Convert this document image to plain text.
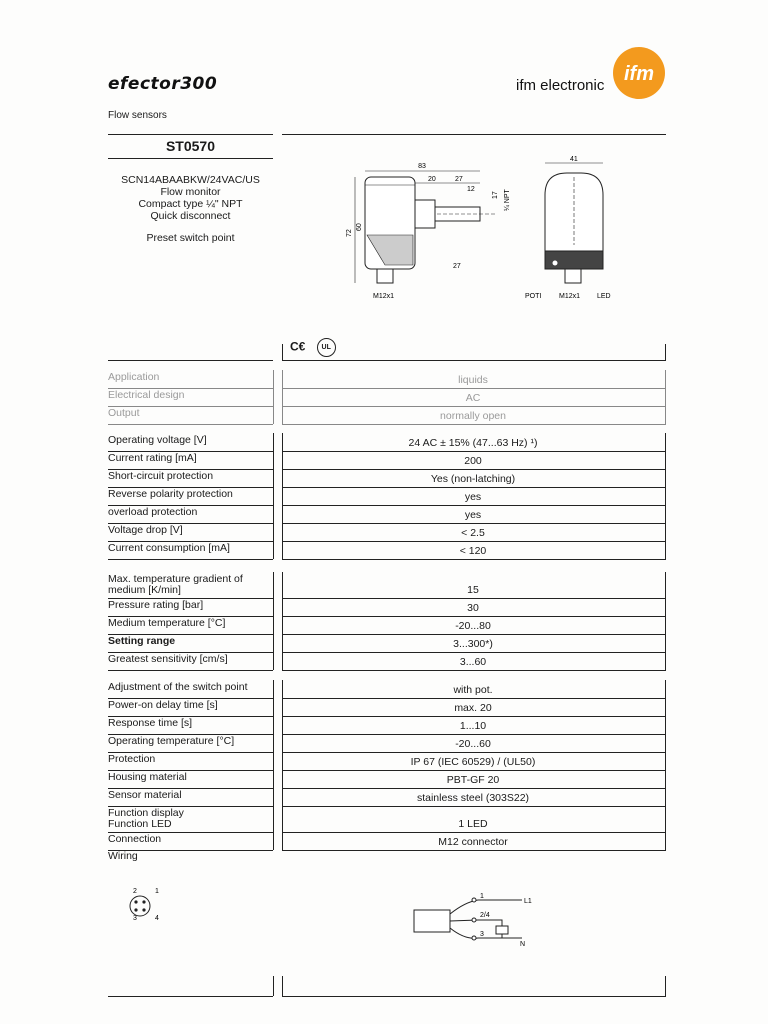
efector300	ifm electronic
ifm
Flow sensors
ST0570
SCN14ABAABKW/24VAC/US
Flow monitor
Compact type ¼" NPT
Quick disconnect
Preset switch point
83
20	27
12
17 ¼ NPT
72
60
27
M12x1
41
POTI	M12x1 LED
C€ UL
Application	liquids
Electrical design	AC
Output	normally open
Operating voltage [V]	24 AC ± 15% (47...63 Hz) ¹)
Current rating [mA]	200
Short-circuit protection	Yes (non-latching)
Reverse polarity protection	yes
overload protection	yes
Voltage drop [V]	< 2.5
Current consumption [mA]	< 120
Max. temperature gradient of
medium [K/min]	15
Pressure rating [bar]	30
Medium temperature [°C]	-20...80
Setting range	3...300*)
Greatest sensitivity [cm/s]	3...60
Adjustment of the switch point	with pot.
Power-on delay time [s]	max. 20
Response time [s]	1...10
Operating temperature [°C]	-20...60
Protection	IP 67 (IEC 60529) / (UL50)
Housing material	PBT-GF 20
Sensor material	stainless steel (303S22)
Function display
Function LED	1 LED
Connection	M12 connector
Wiring
2	1
3	4
1
2/4
3
L1
N
